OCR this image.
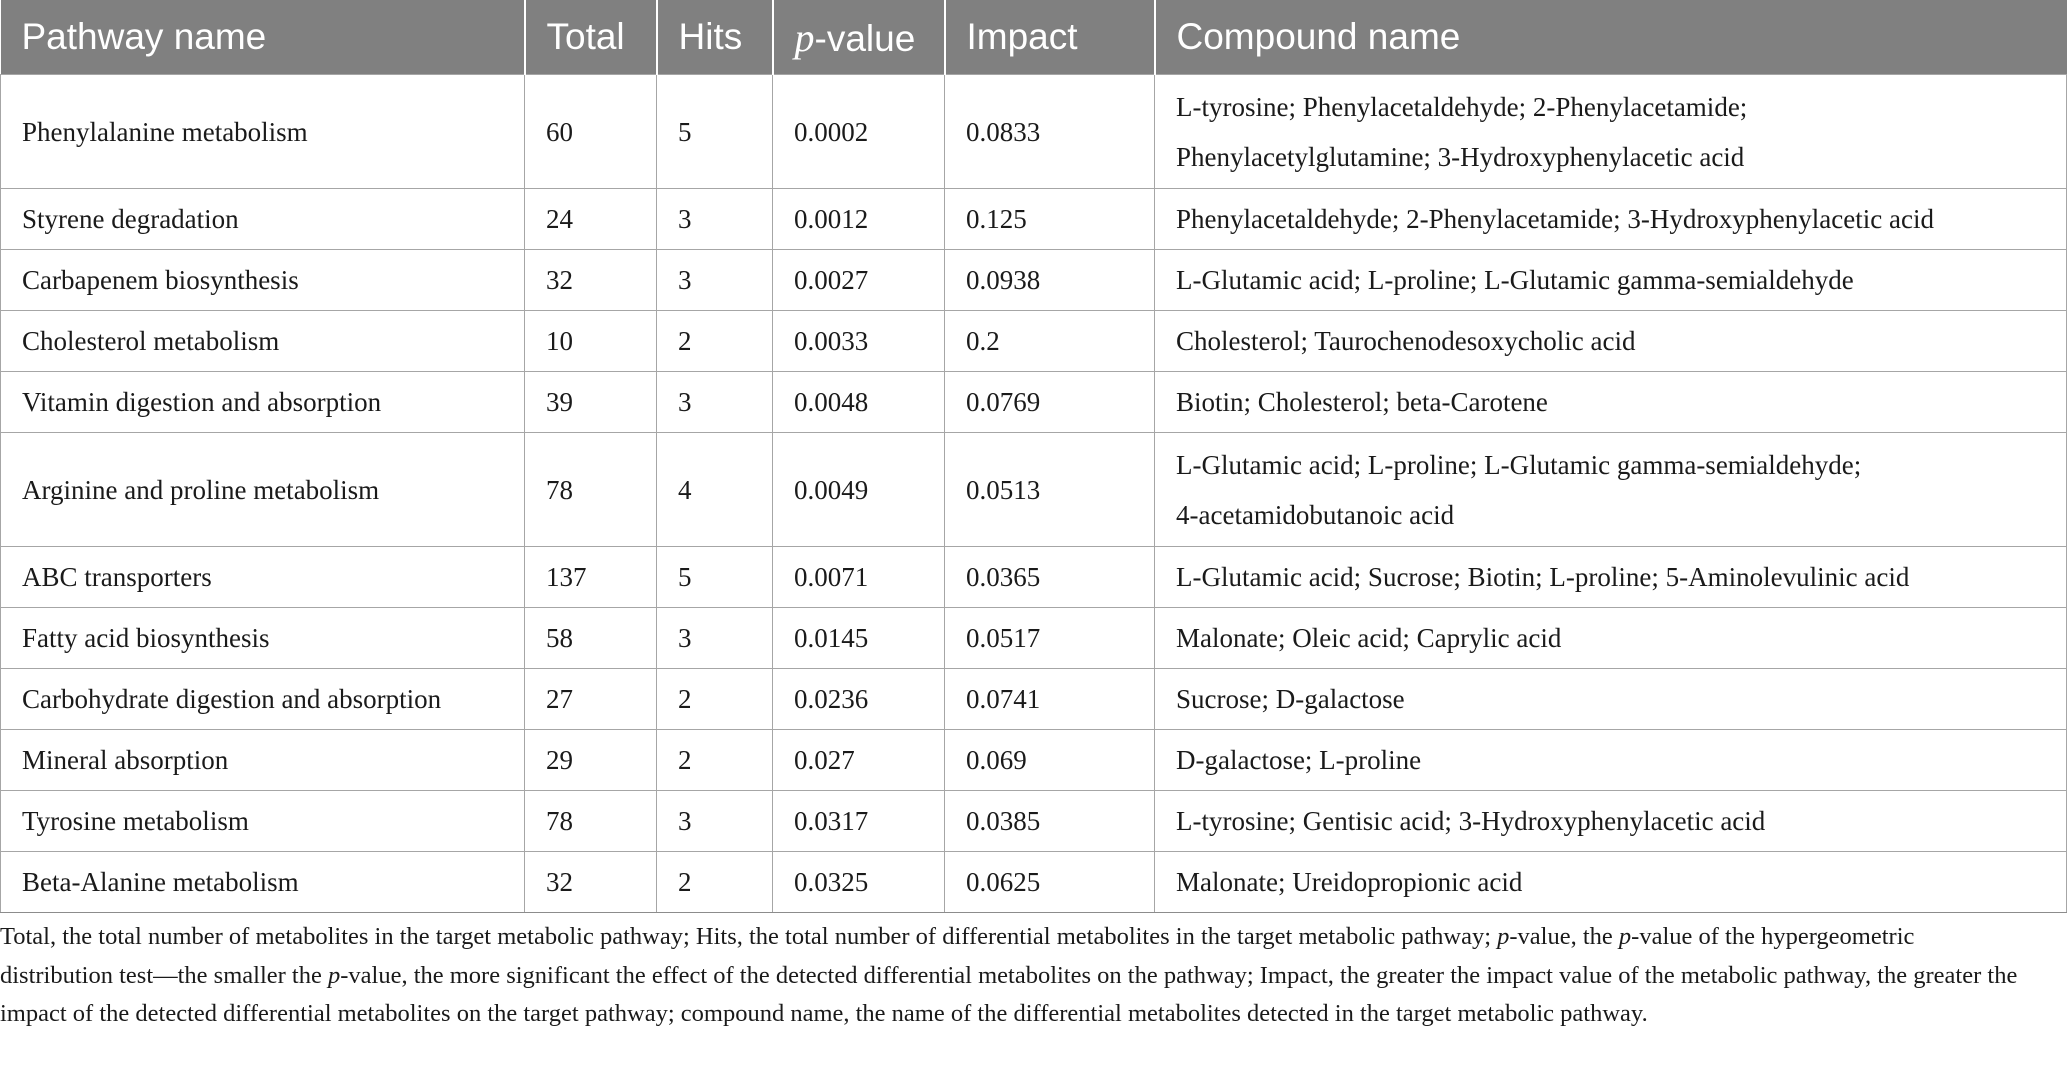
Pathway name	Total	Hits	p-value	Impact	Compound name
Phenylalanine metabolism	60	5	0.0002	0.0833	L-tyrosine; Phenylacetaldehyde; 2-Phenylacetamide;
Phenylacetylglutamine; 3-Hydroxyphenylacetic acid

Styrene degradation	24	3	0.0012	0.125	Phenylacetaldehyde; 2-Phenylacetamide; 3-Hydroxyphenylacetic acid
Carbapenem biosynthesis	32	3	0.0027	0.0938	L-Glutamic acid; L-proline; L-Glutamic gamma-semialdehyde
Cholesterol metabolism	10	2	0.0033	0.2	Cholesterol; Taurochenodesoxycholic acid
Vitamin digestion and absorption	39	3	0.0048	0.0769	Biotin; Cholesterol; beta-Carotene
Arginine and proline metabolism	78	4	0.0049	0.0513	L-Glutamic acid; L-proline; L-Glutamic gamma-semialdehyde;
4-acetamidobutanoic acid

ABC transporters	137	5	0.0071	0.0365	L-Glutamic acid; Sucrose; Biotin; L-proline; 5-Aminolevulinic acid
Fatty acid biosynthesis	58	3	0.0145	0.0517	Malonate; Oleic acid; Caprylic acid
Carbohydrate digestion and absorption	27	2	0.0236	0.0741	Sucrose; D-galactose
Mineral absorption	29	2	0.027	0.069	D-galactose; L-proline
Tyrosine metabolism	78	3	0.0317	0.0385	L-tyrosine; Gentisic acid; 3-Hydroxyphenylacetic acid
Beta-Alanine metabolism	32	2	0.0325	0.0625	Malonate; Ureidopropionic acid
Total, the total number of metabolites in the target metabolic pathway; Hits, the total number of differential metabolites in the target metabolic pathway; p-value, the p-value of the hypergeometric distribution test—the smaller the p-value, the more significant the effect of the detected differential metabolites on the pathway; Impact, the greater the impact value of the metabolic pathway, the greater the impact of the detected differential metabolites on the target pathway; compound name, the name of the differential metabolites detected in the target metabolic pathway.
